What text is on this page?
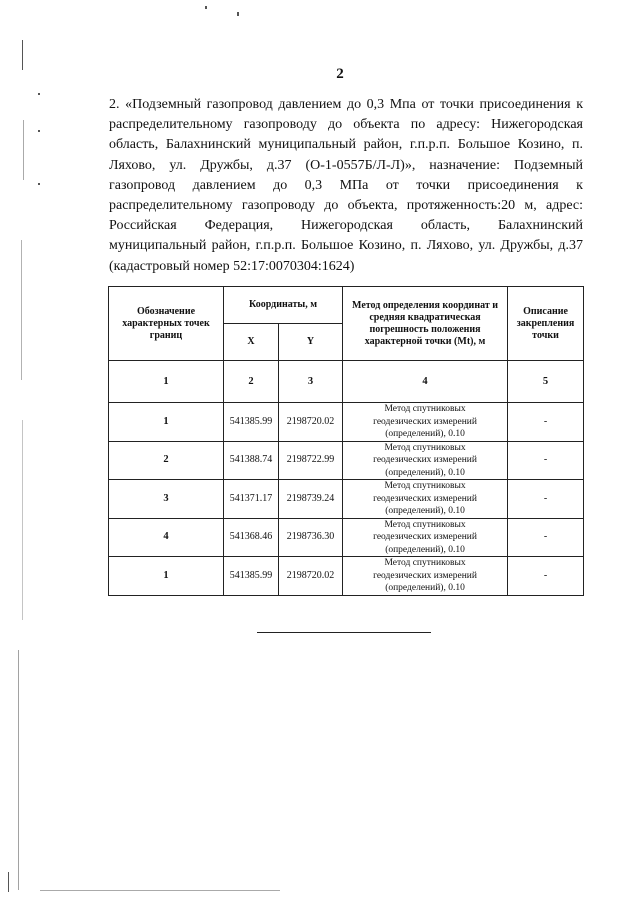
2
2. «Подземный газопровод давлением до 0,3 Мпа от точки присоединения к
распределительному газопроводу до объекта по адресу: Нижегородская
область, Балахнинский муниципальный район, г.п.р.п. Большое Козино, п.
Ляхово, ул. Дружбы, д.37 (О-1-0557Б/Л-Л)», назначение: Подземный
газопровод давлением до 0,3 МПа от точки присоединения к
распределительному газопроводу до объекта, протяженность:20 м, адрес:
Российская Федерация, Нижегородская область, Балахнинский
муниципальный район, г.п.р.п. Большое Козино, п. Ляхово, ул. Дружбы, д.37
(кадастровый номер 52:17:0070304:1624)
Обозначение характерных точек границ	Координаты, м		Метод определения координат и средняя квадратическая погрешность положения характерной точки (Mt), м	Описание закрепления точки
	X	Y		
1	2	3	4	5
1	541385.99	2198720.02	Метод спутниковых
геодезических измерений
(определений), 0.10	-
2	541388.74	2198722.99	Метод спутниковых
геодезических измерений
(определений), 0.10	-
3	541371.17	2198739.24	Метод спутниковых
геодезических измерений
(определений), 0.10	-
4	541368.46	2198736.30	Метод спутниковых
геодезических измерений
(определений), 0.10	-
1	541385.99	2198720.02	Метод спутниковых
геодезических измерений
(определений), 0.10	-
